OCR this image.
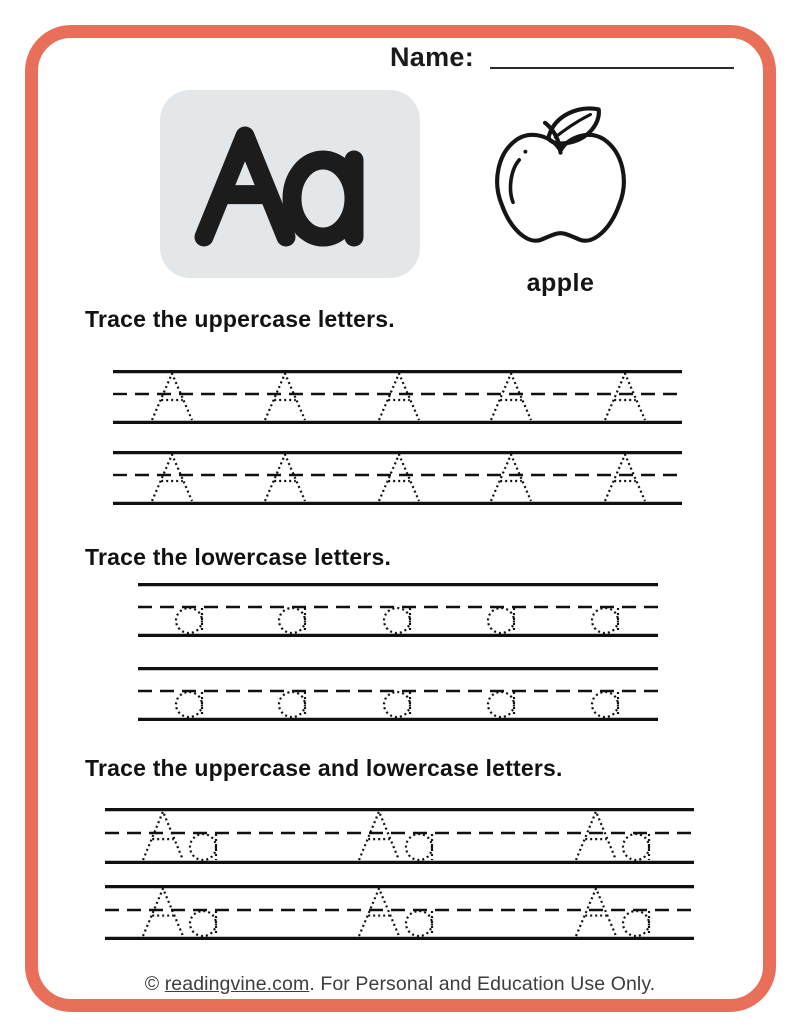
Name:
apple
Trace the uppercase letters.
Trace the lowercase letters.
Trace the uppercase and lowercase letters.
© readingvine.com. For Personal and Education Use Only.
